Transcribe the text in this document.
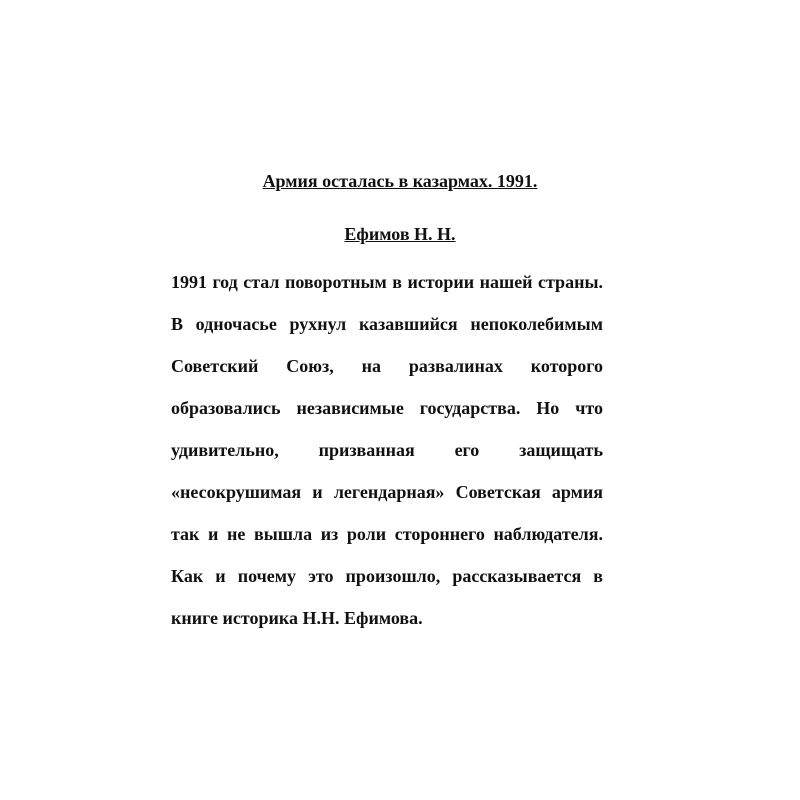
Армия осталась в казармах. 1991.
Ефимов Н. Н.
1991 год стал поворотным в истории нашей страны.
В одночасье рухнул казавшийся непоколебимым
Советский Союз, на развалинах которого
образовались независимые государства. Но что
удивительно, призванная его защищать
«несокрушимая и легендарная» Советская армия
так и не вышла из роли стороннего наблюдателя.
Как и почему это произошло, рассказывается в
книге историка Н.Н. Ефимова.
